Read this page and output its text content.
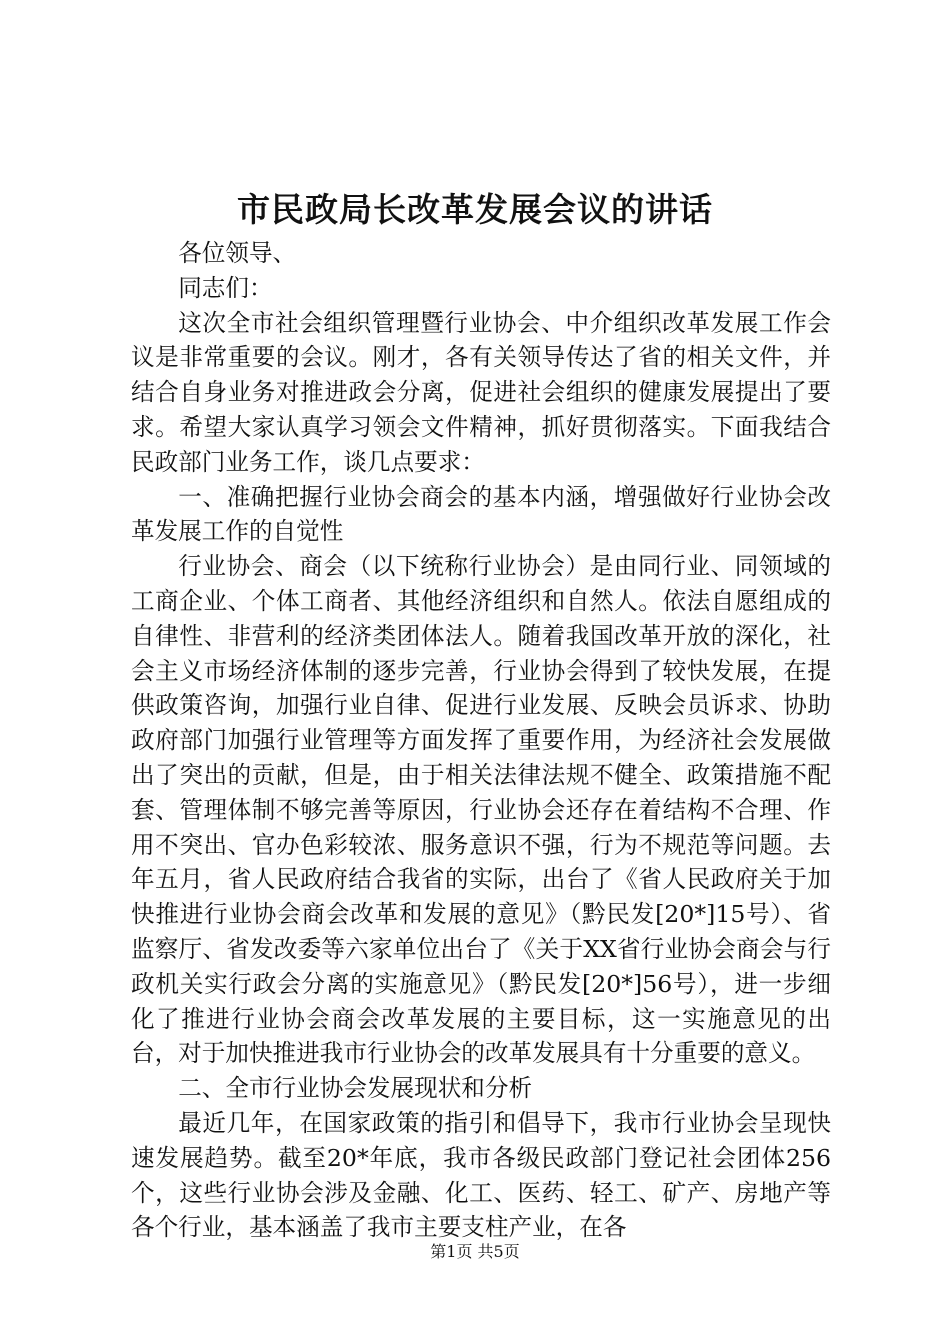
市民政局长改革发展会议的讲话

各位领导、

同志们：

这次全市社会组织管理暨行业协会、中介组织改革发展工作会议是非常重要的会议。刚才，各有关领导传达了省的相关文件，并结合自身业务对推进政会分离，促进社会组织的健康发展提出了要求。希望大家认真学习领会文件精神，抓好贯彻落实。下面我结合民政部门业务工作，谈几点要求：

一、准确把握行业协会商会的基本内涵，增强做好行业协会改革发展工作的自觉性

行业协会、商会（以下统称行业协会）是由同行业、同领域的工商企业、个体工商者、其他经济组织和自然人。依法自愿组成的自律性、非营利的经济类团体法人。随着我国改革开放的深化，社会主义市场经济体制的逐步完善，行业协会得到了较快发展，在提供政策咨询，加强行业自律、促进行业发展、反映会员诉求、协助政府部门加强行业管理等方面发挥了重要作用，为经济社会发展做出了突出的贡献，但是，由于相关法律法规不健全、政策措施不配套、管理体制不够完善等原因，行业协会还存在着结构不合理、作用不突出、官办色彩较浓、服务意识不强，行为不规范等问题。去年五月，省人民政府结合我省的实际，出台了《省人民政府关于加快推进行业协会商会改革和发展的意见》（黔民发[20*]15号）、省监察厅、省发改委等六家单位出台了《关于XX省行业协会商会与行政机关实行政会分离的实施意见》（黔民发[20*]56号），进一步细化了推进行业协会商会改革发展的主要目标，这一实施意见的出台，对于加快推进我市行业协会的改革发展具有十分重要的意义。

二、全市行业协会发展现状和分析

最近几年，在国家政策的指引和倡导下，我市行业协会呈现快速发展趋势。截至20*年底，我市各级民政部门登记社会团体256个，这些行业协会涉及金融、化工、医药、轻工、矿产、房地产等各个行业，基本涵盖了我市主要支柱产业，在各

第1页 共5页
